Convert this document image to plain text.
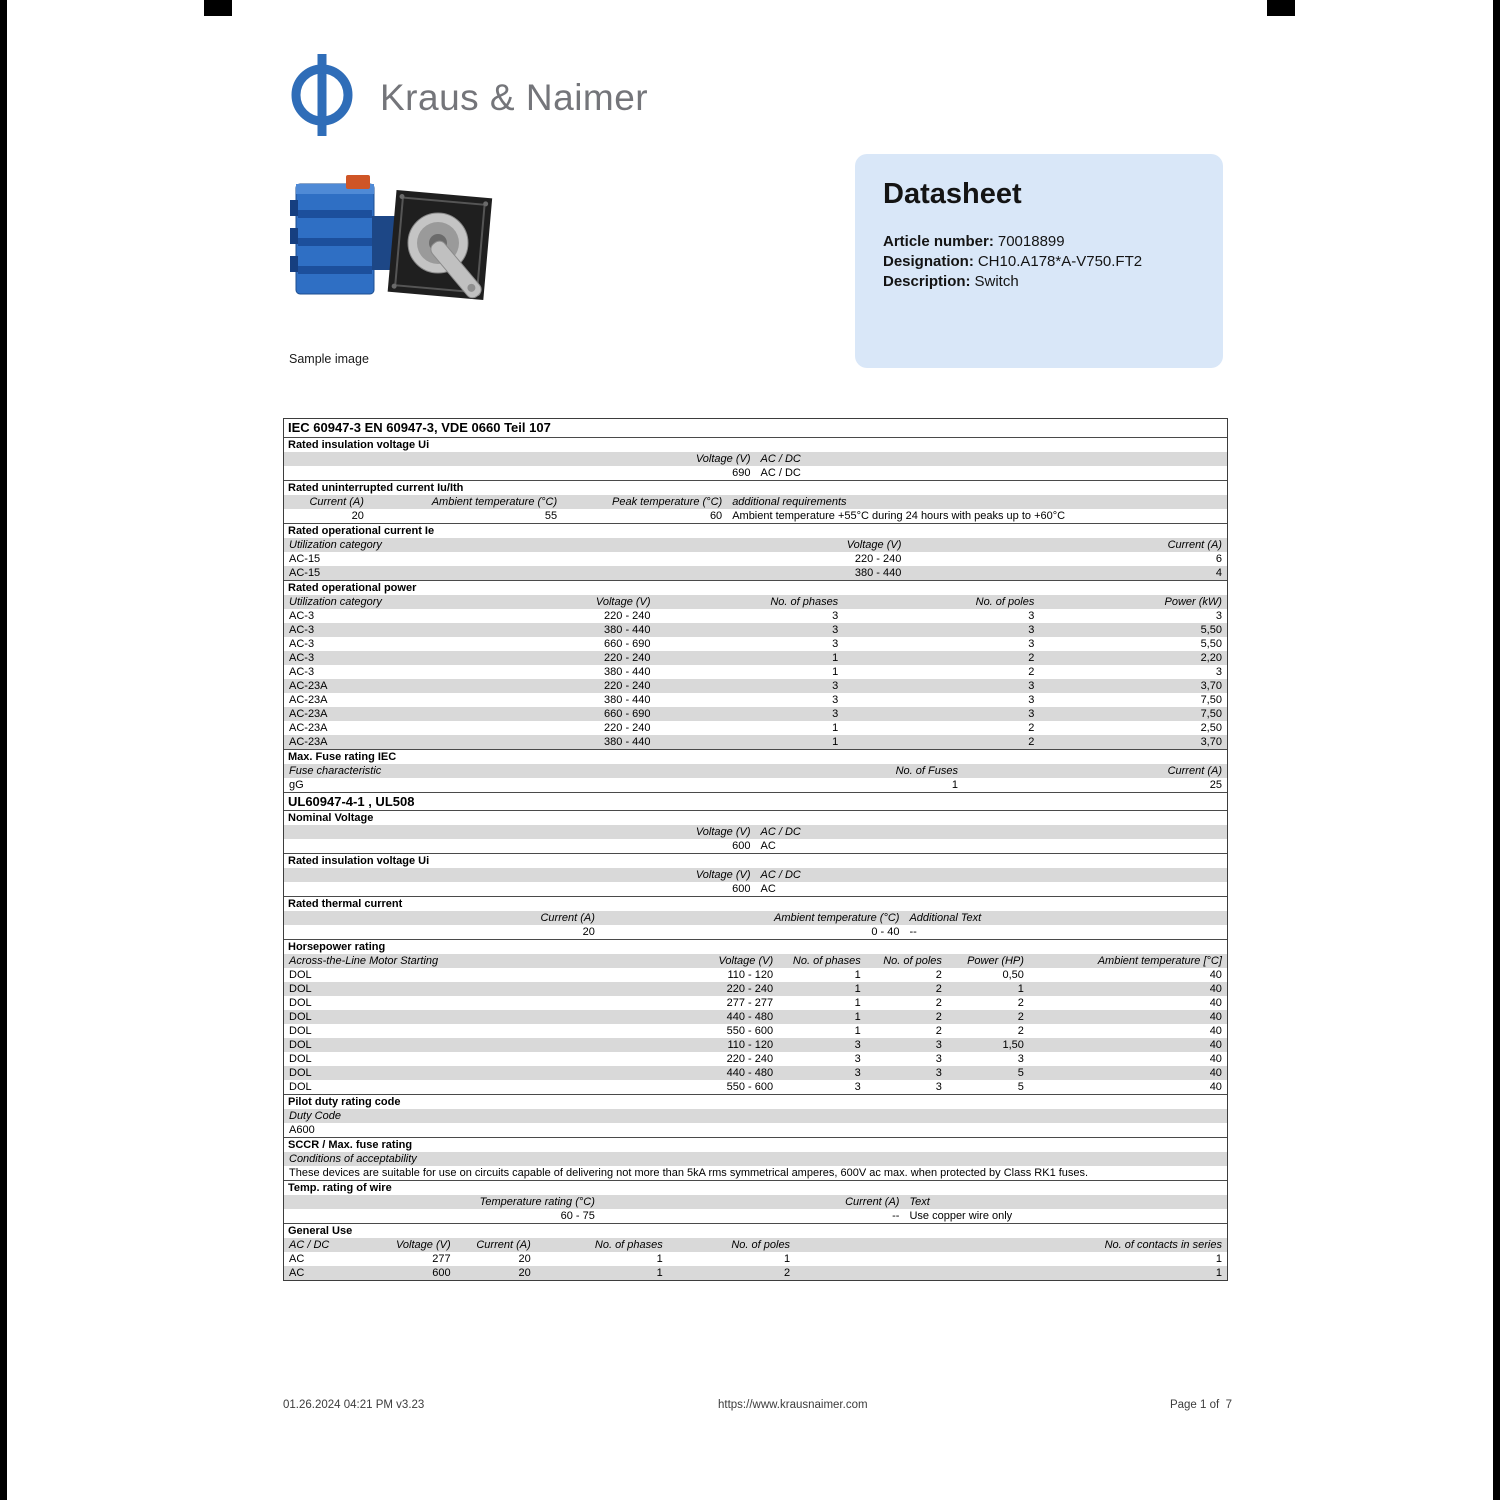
Kraus & Naimer
Sample image
Datasheet
Article number: 70018899
Designation: CH10.A178*A-V750.FT2
Description: Switch
IEC 60947-3 EN 60947-3, VDE 0660 Teil 107
Rated insulation voltage Ui
Voltage (V) AC / DC
690 AC / DC
Rated uninterrupted current Iu/Ith
Current (A)	Ambient temperature (°C)	Peak temperature (°C) additional requirements
20	55	60 Ambient temperature +55°C during 24 hours with peaks up to +60°C
Rated operational current Ie
Utilization category	Voltage (V)	Current (A)
AC-15	220 - 240	6
AC-15	380 - 440	4
Rated operational power
Utilization category	Voltage (V)	No. of phases	No. of poles	Power (kW)
AC-3	220 - 240	3	3	3
AC-3	380 - 440	3	3	5,50
AC-3	660 - 690	3	3	5,50
AC-3	220 - 240	1	2	2,20
AC-3	380 - 440	1	2	3
AC-23A	220 - 240	3	3	3,70
AC-23A	380 - 440	3	3	7,50
AC-23A	660 - 690	3	3	7,50
AC-23A	220 - 240	1	2	2,50
AC-23A	380 - 440	1	2	3,70
Max. Fuse rating IEC
Fuse characteristic	No. of Fuses	Current (A)
gG	1	25
UL60947-4-1 , UL508
Nominal Voltage
Voltage (V) AC / DC
600 AC
Rated insulation voltage Ui
Voltage (V) AC / DC
600 AC
Rated thermal current
Current (A)	Ambient temperature (°C) Additional Text
20	0 - 40 --
Horsepower rating
Across-the-Line Motor Starting	Voltage (V)	No. of phases	No. of poles	Power (HP)	Ambient temperature [°C]
DOL	110 - 120	1	2	0,50	40
DOL	220 - 240	1	2	1	40
DOL	277 - 277	1	2	2	40
DOL	440 - 480	1	2	2	40
DOL	550 - 600	1	2	2	40
DOL	110 - 120	3	3	1,50	40
DOL	220 - 240	3	3	3	40
DOL	440 - 480	3	3	5	40
DOL	550 - 600	3	3	5	40
Pilot duty rating code
Duty Code
A600
SCCR / Max. fuse rating
Conditions of acceptability
These devices are suitable for use on circuits capable of delivering not more than 5kA rms symmetrical amperes, 600V ac max. when protected by Class RK1 fuses.
Temp. rating of wire
Temperature rating (°C)	Current (A) Text
60 - 75	-- Use copper wire only
General Use
AC / DC	Voltage (V)	Current (A)	No. of phases	No. of poles	No. of contacts in series
AC	277	20	1	1	1
AC	600	20	1	2	1
01.26.2024 04:21 PM v3.23	https://www.krausnaimer.com	Page 1 of  7
